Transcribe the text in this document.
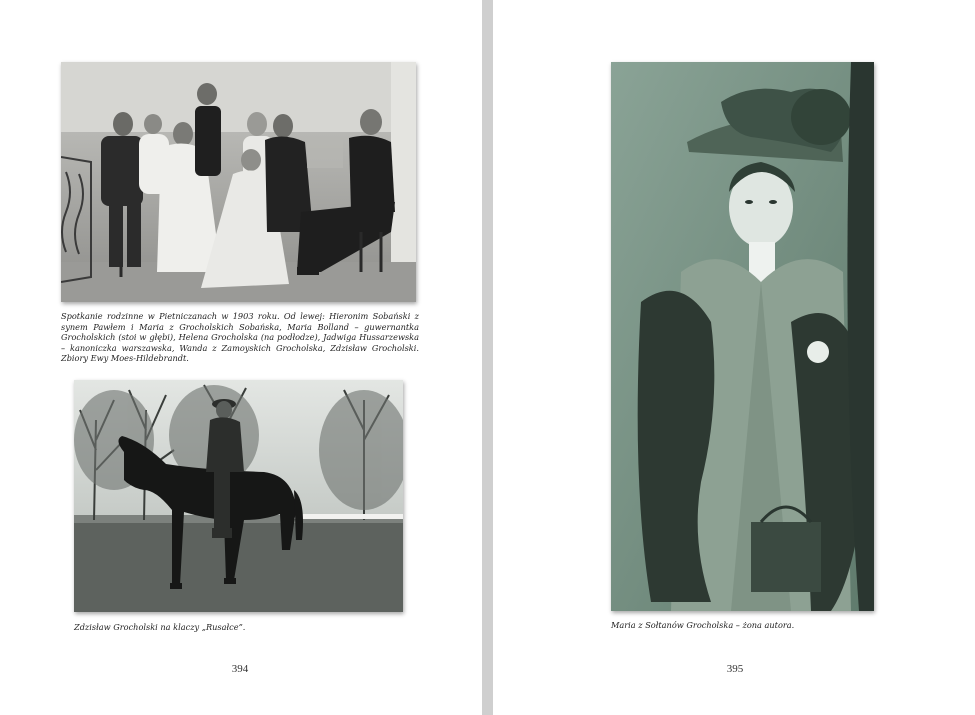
Spotkanie rodzinne w Pietniczanach w 1903 roku. Od lewej: Hieronim Sobański z synem Pawłem i Maria z Grocholskich Sobańska, Maria Bolland – guwernantka Grocholskich (stoi w głębi), Helena Grocholska (na podłodze), Jadwiga Hussarzewska – kanoniczka warszawska, Wanda z Zamoyskich Grocholska, Zdzisław Grocholski. Zbiory Ewy Moes-Hildebrandt.

Zdzisław Grocholski na klaczy „Rusałce”.

394

Maria z Sołtanów Grocholska – żona autora.

395
